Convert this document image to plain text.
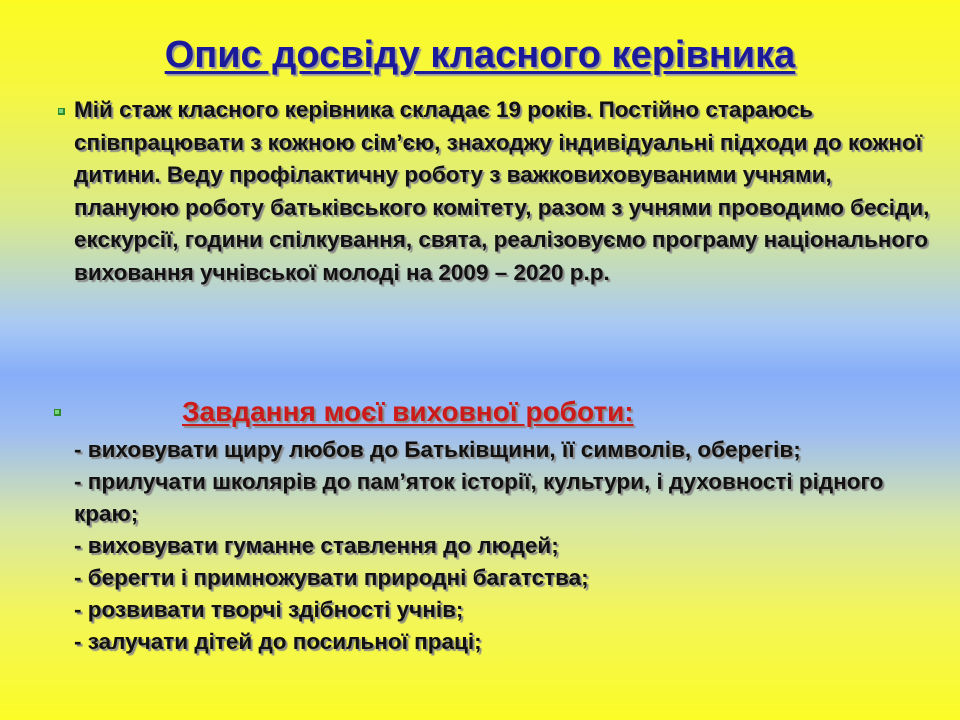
Опис досвіду класного керівника

Мій стаж класного керівника складає 19 років. Постійно стараюсь співпрацювати з кожною сім’єю, знаходжу індивідуальні підходи до кожної дитини. Веду профілактичну роботу з важковиховуваними учнями, плануюю роботу батьківського комітету, разом з учнями проводимо бесіди, екскурсії, години спілкування, свята, реалізовуємо програму національного виховання учнівської молоді на 2009 – 2020 р.р.

Завдання моєї виховної роботи:
- виховувати щиру любов до Батьківщини, її символів, оберегів;
- прилучати школярів до пам’яток історії, культури, і духовності рідного краю;
- виховувати гуманне ставлення до людей;
- берегти і примножувати природні багатства;
- розвивати творчі здібності учнів;
- залучати дітей до посильної праці;
